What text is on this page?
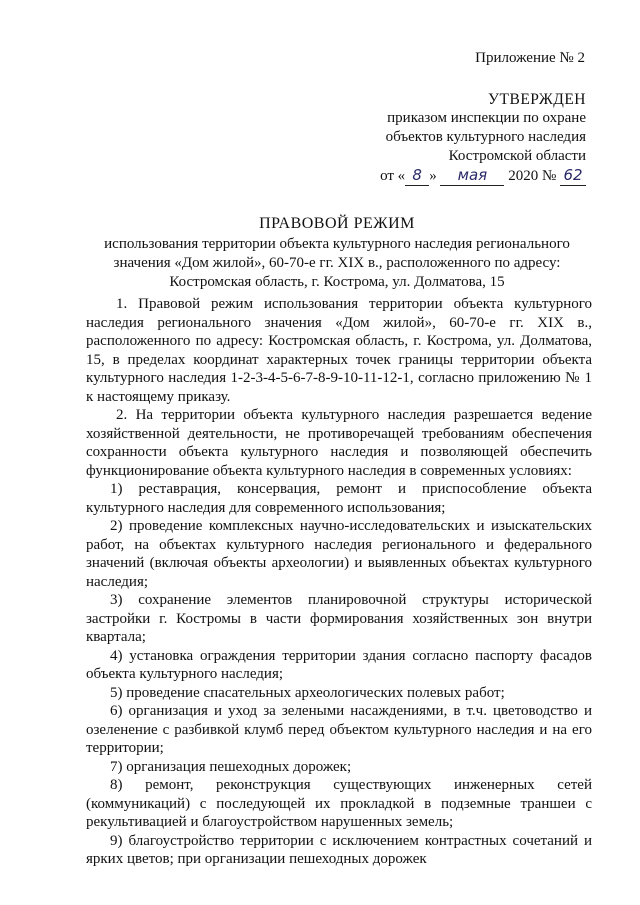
Приложение № 2
УТВЕРЖДЕН
приказом инспекции по охране
объектов культурного наследия
Костромской области
от « 8 » мая 2020 № 62
ПРАВОВОЙ РЕЖИМ
использования территории объекта культурного наследия регионального
значения «Дом жилой», 60-70-е гг. XIX в., расположенного по адресу:
Костромская область, г. Кострома, ул. Долматова, 15

1. Правовой режим использования территории объекта культурного наследия регионального значения «Дом жилой», 60-70-е гг. XIX в., расположенного по адресу: Костромская область, г. Кострома, ул. Долматова, 15, в пределах координат характерных точек границы территории объекта культурного наследия 1-2-3-4-5-6-7-8-9-10-11-12-1, согласно приложению № 1 к настоящему приказу.

2. На территории объекта культурного наследия разрешается ведение хозяйственной деятельности, не противоречащей требованиям обеспечения сохранности объекта культурного наследия и позволяющей обеспечить функционирование объекта культурного наследия в современных условиях:

1) реставрация, консервация, ремонт и приспособление объекта культурного наследия для современного использования;

2) проведение комплексных научно-исследовательских и изыскательских работ, на объектах культурного наследия регионального и федерального значений (включая объекты археологии) и выявленных объектах культурного наследия;

3) сохранение элементов планировочной структуры исторической застройки г. Костромы в части формирования хозяйственных зон внутри квартала;

4) установка ограждения территории здания согласно паспорту фасадов объекта культурного наследия;

5) проведение спасательных археологических полевых работ;

6) организация и уход за зелеными насаждениями, в т.ч. цветоводство и озеленение с разбивкой клумб перед объектом культурного наследия и на его территории;

7) организация пешеходных дорожек;

8) ремонт, реконструкция существующих инженерных сетей (коммуникаций) с последующей их прокладкой в подземные траншеи с рекультивацией и благоустройством нарушенных земель;

9) благоустройство территории с исключением контрастных сочетаний и ярких цветов; при организации пешеходных дорожек
